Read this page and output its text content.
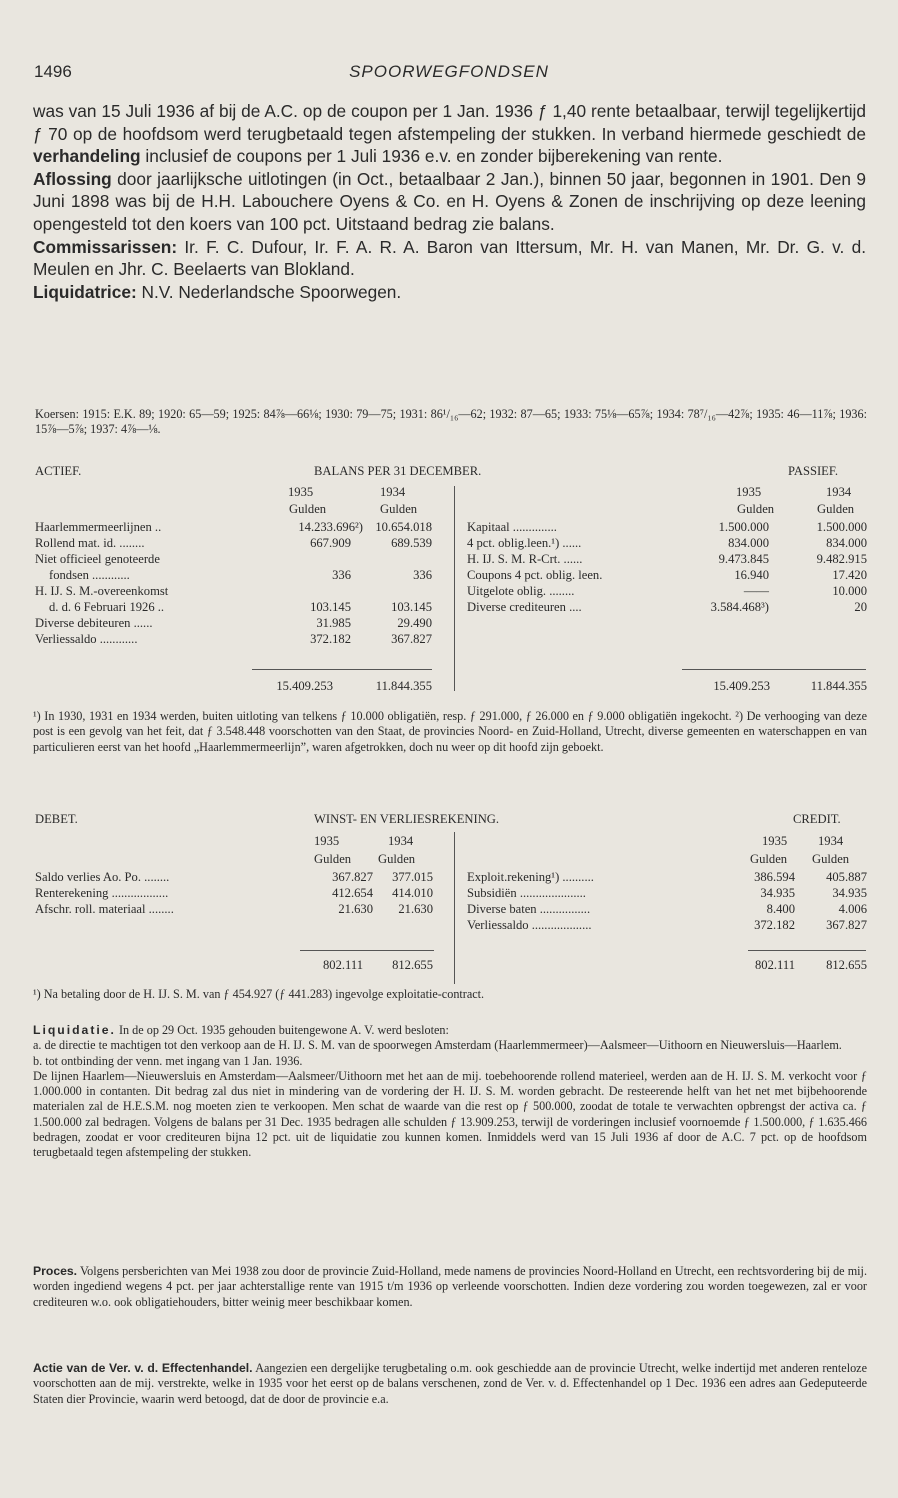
1496	SPOORWEGFONDSEN

was van 15 Juli 1936 af bij de A.C. op de coupon per 1 Jan. 1936 ƒ 1,40 rente betaalbaar, terwijl tegelijkertijd ƒ 70 op de hoofdsom werd terugbetaald tegen afstempeling der stukken. In verband hiermede geschiedt de verhandeling inclusief de coupons per 1 Juli 1936 e.v. en zonder bijberekening van rente.

Aflossing door jaarlijksche uitlotingen (in Oct., betaalbaar 2 Jan.), binnen 50 jaar, begonnen in 1901. Den 9 Juni 1898 was bij de H.H. Labouchere Oyens & Co. en H. Oyens & Zonen de inschrijving op deze leening opengesteld tot den koers van 100 pct. Uitstaand bedrag zie balans.

Commissarissen: Ir. F. C. Dufour, Ir. F. A. R. A. Baron van Ittersum, Mr. H. van Manen, Mr. Dr. G. v. d. Meulen en Jhr. C. Beelaerts van Blokland.

Liquidatrice: N.V. Nederlandsche Spoorwegen.

Koersen: 1915: E.K. 89; 1920: 65—59; 1925: 84⅞—66⅛; 1930: 79—75; 1931: 86¹/₁₆—62; 1932: 87—65; 1933: 75⅛—65⅞; 1934: 78⁷/₁₆—42⅞; 1935: 46—11⅞; 1936: 15⅞—5⅞; 1937: 4⅞—⅛.
ACTIEF.	BALANS PER 31 DECEMBER.	PASSIEF.
1935	1934
Gulden	Gulden
1935	1934
Gulden	Gulden
Haarlemmermeerlijnen ..	14.233.696²) 10.654.018
Rollend mat. id. ........	667.909	689.539
Niet officieel genoteerde
fondsen ............	336	336
H. IJ. S. M.-overeenkomst
d. d. 6 Februari 1926 ..	103.145	103.145
Diverse debiteuren ......	31.985	29.490
Verliessaldo ............	372.182	367.827
Kapitaal ..............	1.500.000	1.500.000
4 pct. oblig.leen.¹) ......	834.000	834.000
H. IJ. S. M. R-Crt. ......	9.473.845	9.482.915
Coupons 4 pct. oblig. leen.	16.940	17.420
Uitgelote oblig. ........	——	10.000
Diverse crediteuren ....	3.584.468³)	20
15.409.253	11.844.355	15.409.253	11.844.355
¹) In 1930, 1931 en 1934 werden, buiten uitloting van telkens ƒ 10.000 obligatiën, resp. ƒ 291.000, ƒ 26.000 en ƒ 9.000 obligatiën ingekocht. ²) De verhooging van deze post is een gevolg van het feit, dat ƒ 3.548.448 voorschotten van den Staat, de provincies Noord- en Zuid-Holland, Utrecht, diverse gemeenten en waterschappen en van particulieren eerst van het hoofd „Haarlemmermeerlijn”, waren afgetrokken, doch nu weer op dit hoofd zijn geboekt.
DEBET.	WINST- EN VERLIESREKENING.	CREDIT.
1935	1934
Gulden Gulden
1935 1934
Gulden Gulden
Saldo verlies Ao. Po. ........	367.827	377.015
Renterekening ..................	412.654	414.010
Afschr. roll. materiaal ........	21.630	21.630
Exploit.rekening¹) ..........	386.594	405.887
Subsidiën .....................	34.935	34.935
Diverse baten ................	8.400	4.006
Verliessaldo ...................	372.182	367.827
802.111	812.655	802.111	812.655
¹) Na betaling door de H. IJ. S. M. van ƒ 454.927 (ƒ 441.283) ingevolge exploitatie-contract.

Liquidatie. In de op 29 Oct. 1935 gehouden buitengewone A. V. werd besloten:

a. de directie te machtigen tot den verkoop aan de H. IJ. S. M. van de spoorwegen Amsterdam (Haarlemmermeer)—Aalsmeer—Uithoorn en Nieuwersluis—Haarlem.

b. tot ontbinding der venn. met ingang van 1 Jan. 1936.

De lijnen Haarlem—Nieuwersluis en Amsterdam—Aalsmeer/Uithoorn met het aan de mij. toebehoorende rollend materieel, werden aan de H. IJ. S. M. verkocht voor ƒ 1.000.000 in contanten. Dit bedrag zal dus niet in mindering van de vordering der H. IJ. S. M. worden gebracht. De resteerende helft van het net met bijbehoorende materialen zal de H.E.S.M. nog moeten zien te verkoopen. Men schat de waarde van die rest op ƒ 500.000, zoodat de totale te verwachten opbrengst der activa ca. ƒ 1.500.000 zal bedragen. Volgens de balans per 31 Dec. 1935 bedragen alle schulden ƒ 13.909.253, terwijl de vorderingen inclusief voornoemde ƒ 1.500.000, ƒ 1.635.466 bedragen, zoodat er voor crediteuren bijna 12 pct. uit de liquidatie zou kunnen komen. Inmiddels werd van 15 Juli 1936 af door de A.C. 7 pct. op de hoofdsom terugbetaald tegen afstempeling der stukken.

Proces. Volgens persberichten van Mei 1938 zou door de provincie Zuid-Holland, mede namens de provincies Noord-Holland en Utrecht, een rechtsvordering bij de mij. worden ingediend wegens 4 pct. per jaar achterstallige rente van 1915 t/m 1936 op verleende voorschotten. Indien deze vordering zou worden toegewezen, zal er voor crediteuren w.o. ook obligatiehouders, bitter weinig meer beschikbaar komen.

Actie van de Ver. v. d. Effectenhandel. Aangezien een dergelijke terugbetaling o.m. ook geschiedde aan de provincie Utrecht, welke indertijd met anderen renteloze voorschotten aan de mij. verstrekte, welke in 1935 voor het eerst op de balans verschenen, zond de Ver. v. d. Effectenhandel op 1 Dec. 1936 een adres aan Gedeputeerde Staten dier Provincie, waarin werd betoogd, dat de door de provincie e.a.
